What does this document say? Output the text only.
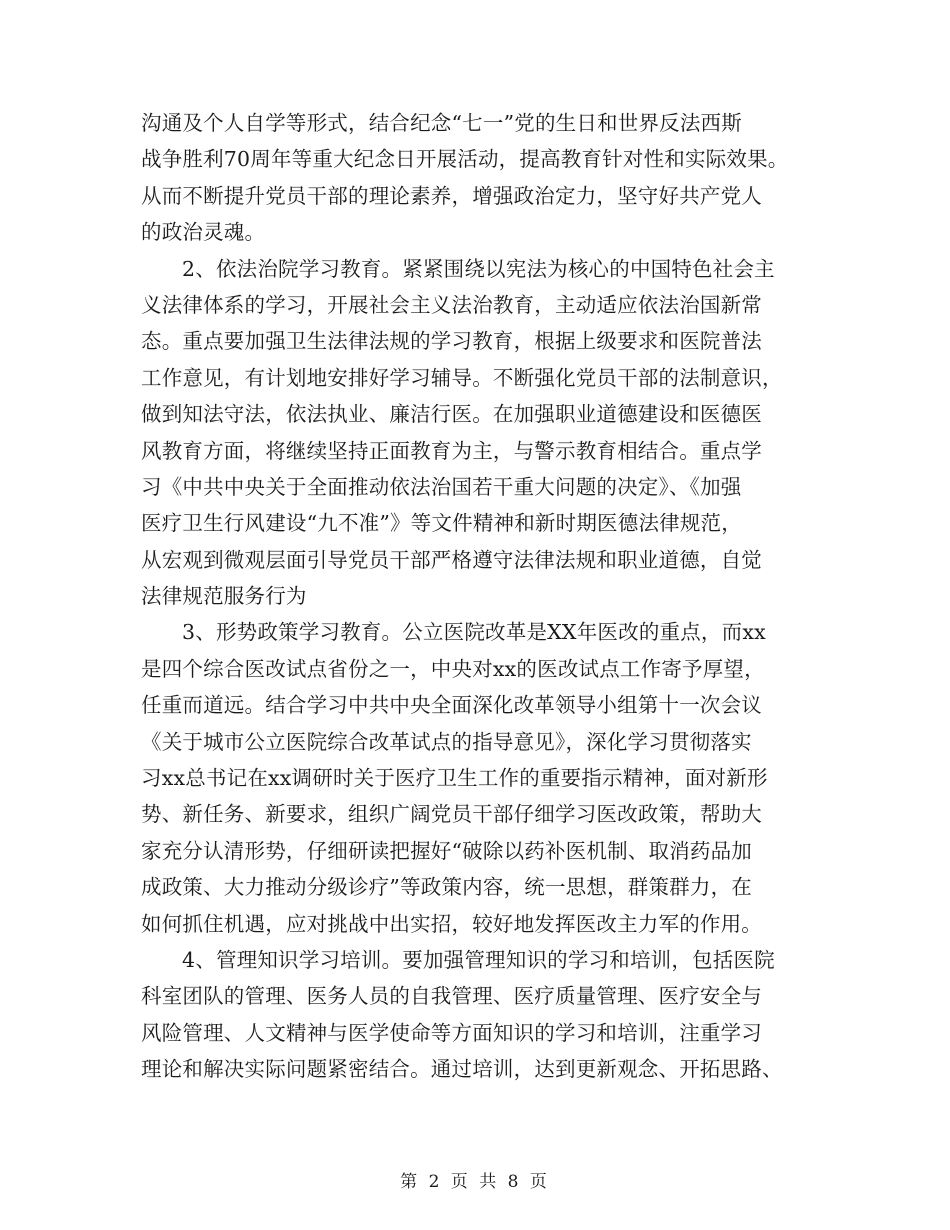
沟通及个人自学等形式，结合纪念“七一”党的生日和世界反法西斯
战争胜利70周年等重大纪念日开展活动，提高教育针对性和实际效果。
从而不断提升党员干部的理论素养，增强政治定力，坚守好共产党人
的政治灵魂。
2、依法治院学习教育。紧紧围绕以宪法为核心的中国特色社会主
义法律体系的学习，开展社会主义法治教育，主动适应依法治国新常
态。重点要加强卫生法律法规的学习教育，根据上级要求和医院普法
工作意见，有计划地安排好学习辅导。不断强化党员干部的法制意识，
做到知法守法，依法执业、廉洁行医。在加强职业道德建设和医德医
风教育方面，将继续坚持正面教育为主，与警示教育相结合。重点学
习《中共中央关于全面推动依法治国若干重大问题的决定》、《加强
医疗卫生行风建设“九不准”》等文件精神和新时期医德法律规范，
从宏观到微观层面引导党员干部严格遵守法律法规和职业道德，自觉
法律规范服务行为
3、形势政策学习教育。公立医院改革是XX年医改的重点，而xx
是四个综合医改试点省份之一，中央对xx的医改试点工作寄予厚望，
任重而道远。结合学习中共中央全面深化改革领导小组第十一次会议
《关于城市公立医院综合改革试点的指导意见》，深化学习贯彻落实
习xx总书记在xx调研时关于医疗卫生工作的重要指示精神，面对新形
势、新任务、新要求，组织广阔党员干部仔细学习医改政策，帮助大
家充分认清形势，仔细研读把握好“破除以药补医机制、取消药品加
成政策、大力推动分级诊疗”等政策内容，统一思想，群策群力，在
如何抓住机遇，应对挑战中出实招，较好地发挥医改主力军的作用。
4、管理知识学习培训。要加强管理知识的学习和培训，包括医院
科室团队的管理、医务人员的自我管理、医疗质量管理、医疗安全与
风险管理、人文精神与医学使命等方面知识的学习和培训，注重学习
理论和解决实际问题紧密结合。通过培训，达到更新观念、开拓思路、
第 2 页 共 8 页
